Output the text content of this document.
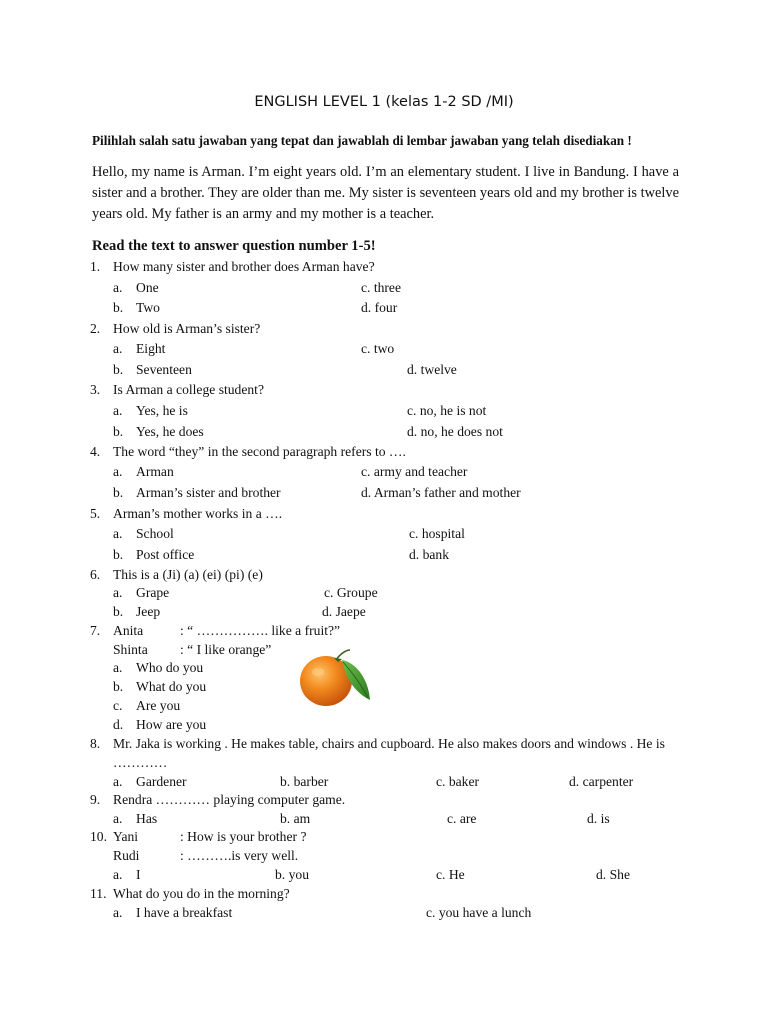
ENGLISH LEVEL 1 (kelas 1-2 SD /MI)
Pilihlah salah satu jawaban yang tepat dan jawablah di lembar jawaban yang telah disediakan !
Hello, my name is Arman. I’m eight years old. I’m an elementary student. I live in Bandung. I have a sister and a brother. They are older than me. My sister is seventeen years old and my brother is twelve years old. My father is an army and my mother is a teacher.
Read the text to answer question number 1-5!
1. How many sister and brother does Arman have?
a. One	c. three
b. Two	d. four
2. How old is Arman’s sister?
a. Eight	c. two
b. Seventeen	d. twelve
3. Is Arman a college student?
a. Yes, he is	c. no, he is not
b. Yes, he does	d. no, he does not
4. The word “they” in the second paragraph refers to ….
a. Arman	c. army and teacher
b. Arman’s sister and brother	d. Arman’s father and mother
5. Arman’s mother works in a ….
a. School	c. hospital
b. Post office	d. bank
6. This is a (Ji) (a) (ei) (pi) (e)
a. Grape	c. Groupe
b. Jeep	d. Jaepe
7. Anita	: “ ……………. like a fruit?”
Shinta : “ I like orange”
a. Who do you
b. What do you
c. Are you
d. How are you
8. Mr. Jaka is working . He makes table, chairs and cupboard. He also makes doors and windows . He is
…………
a. Gardener	b. barber	c. baker	d. carpenter
9. Rendra ………… playing computer game.
a. Has	b. am	c. are	d. is
10. Yani	: How is your brother ?
Rudi	: ……….is very well.
a. I	b. you	c. He	d. She
11. What do you do in the morning?
a. I have a breakfast	c. you have a lunch
